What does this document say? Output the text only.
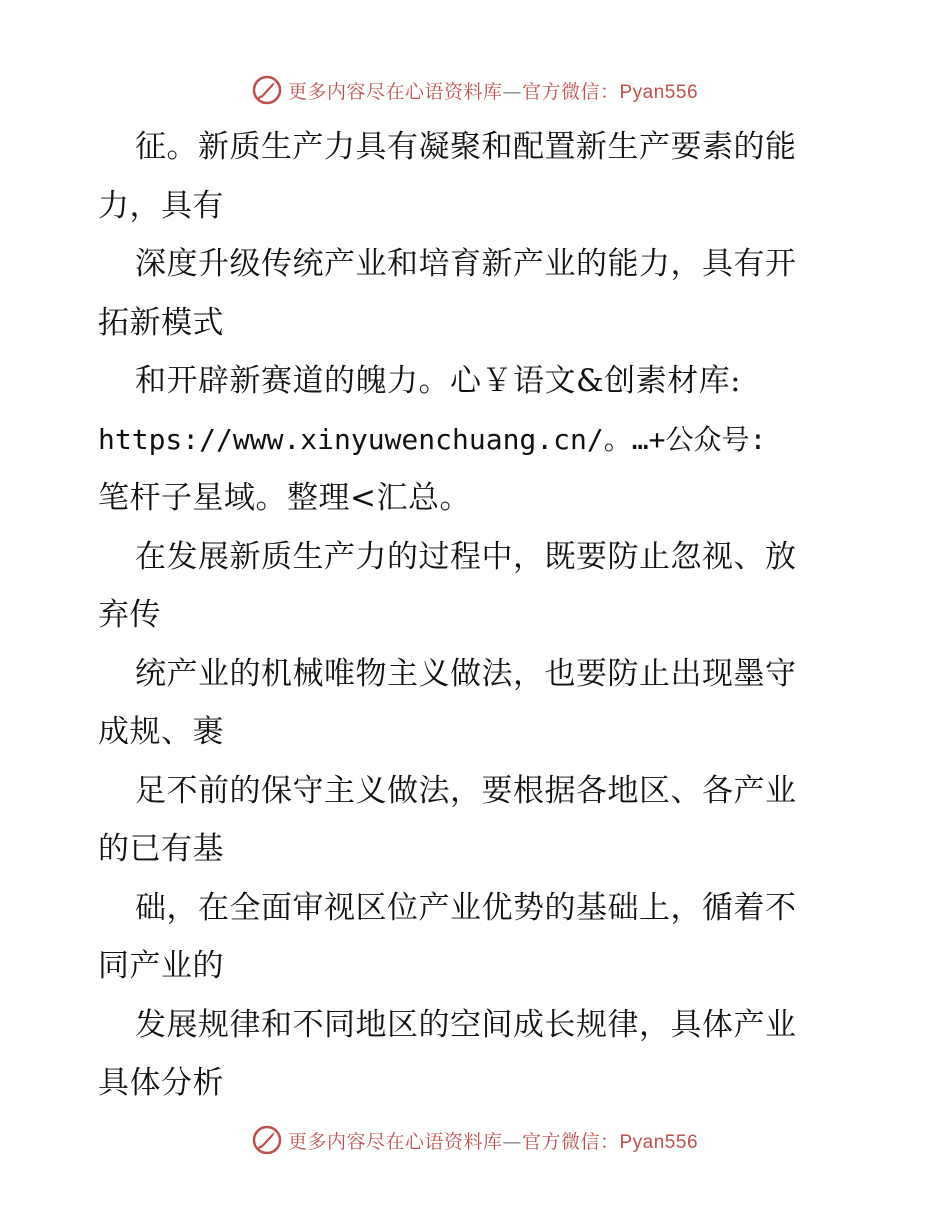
更多内容尽在心语资料库—官方微信：Pyan556
征。新质生产力具有凝聚和配置新生产要素的能
力，具有
深度升级传统产业和培育新产业的能力，具有开
拓新模式
和开辟新赛道的魄力。心￥语文&创素材库:
https://www.xinyuwenchuang.cn/。…+公众号:
笔杆子星域。整理<汇总。
在发展新质生产力的过程中，既要防止忽视、放
弃传
统产业的机械唯物主义做法，也要防止出现墨守
成规、裹
足不前的保守主义做法，要根据各地区、各产业
的已有基
础，在全面审视区位产业优势的基础上，循着不
同产业的
发展规律和不同地区的空间成长规律，具体产业
具体分析
更多内容尽在心语资料库—官方微信：Pyan556
